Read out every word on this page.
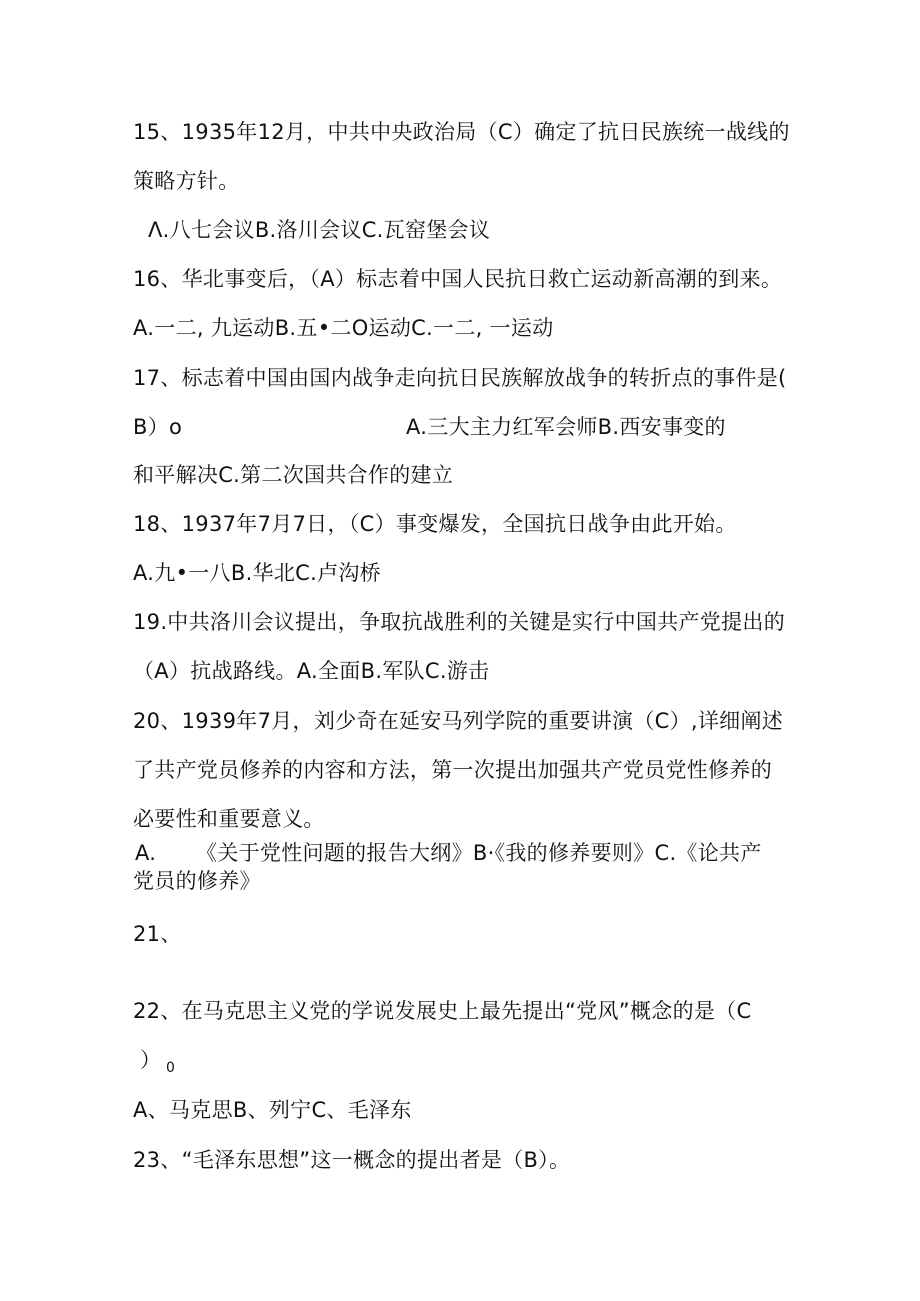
15、1935年12月，中共中央政治局（C）确定了抗日民族统一战线的
策略方针。
Λ.八七会议B.洛川会议C.瓦窑堡会议
16、华北事变后，（A）标志着中国人民抗日救亡运动新高潮的到来。
A.一二, 九运动B.五•二O运动C.一二, 一运动
17、标志着中国由国内战争走向抗日民族解放战争的转折点的事件是(
B）o	A.三大主力红军会师B.西安事变的
和平解决C.第二次国共合作的建立
18、1937年7月7日，（C）事变爆发，全国抗日战争由此开始。
A.九•一八B.华北C.卢沟桥
19.中共洛川会议提出，争取抗战胜利的关键是实行中国共产党提出的
（A）抗战路线。A.全面B.军队C.游击
20、1939年7月，刘少奇在延安马列学院的重要讲演（C）,详细阐述
了共产党员修养的内容和方法，第一次提出加强共产党员党性修养的
必要性和重要意义。
A. 《关于党性问题的报告大纲》B·《我的修养要则》C.《论共产
党员的修养》
21、
22、在马克思主义党的学说发展史上最先提出“党风”概念的是（C
） 0
A、马克思B、列宁C、毛泽东
23、“毛泽东思想”这一概念的提出者是（B）。
